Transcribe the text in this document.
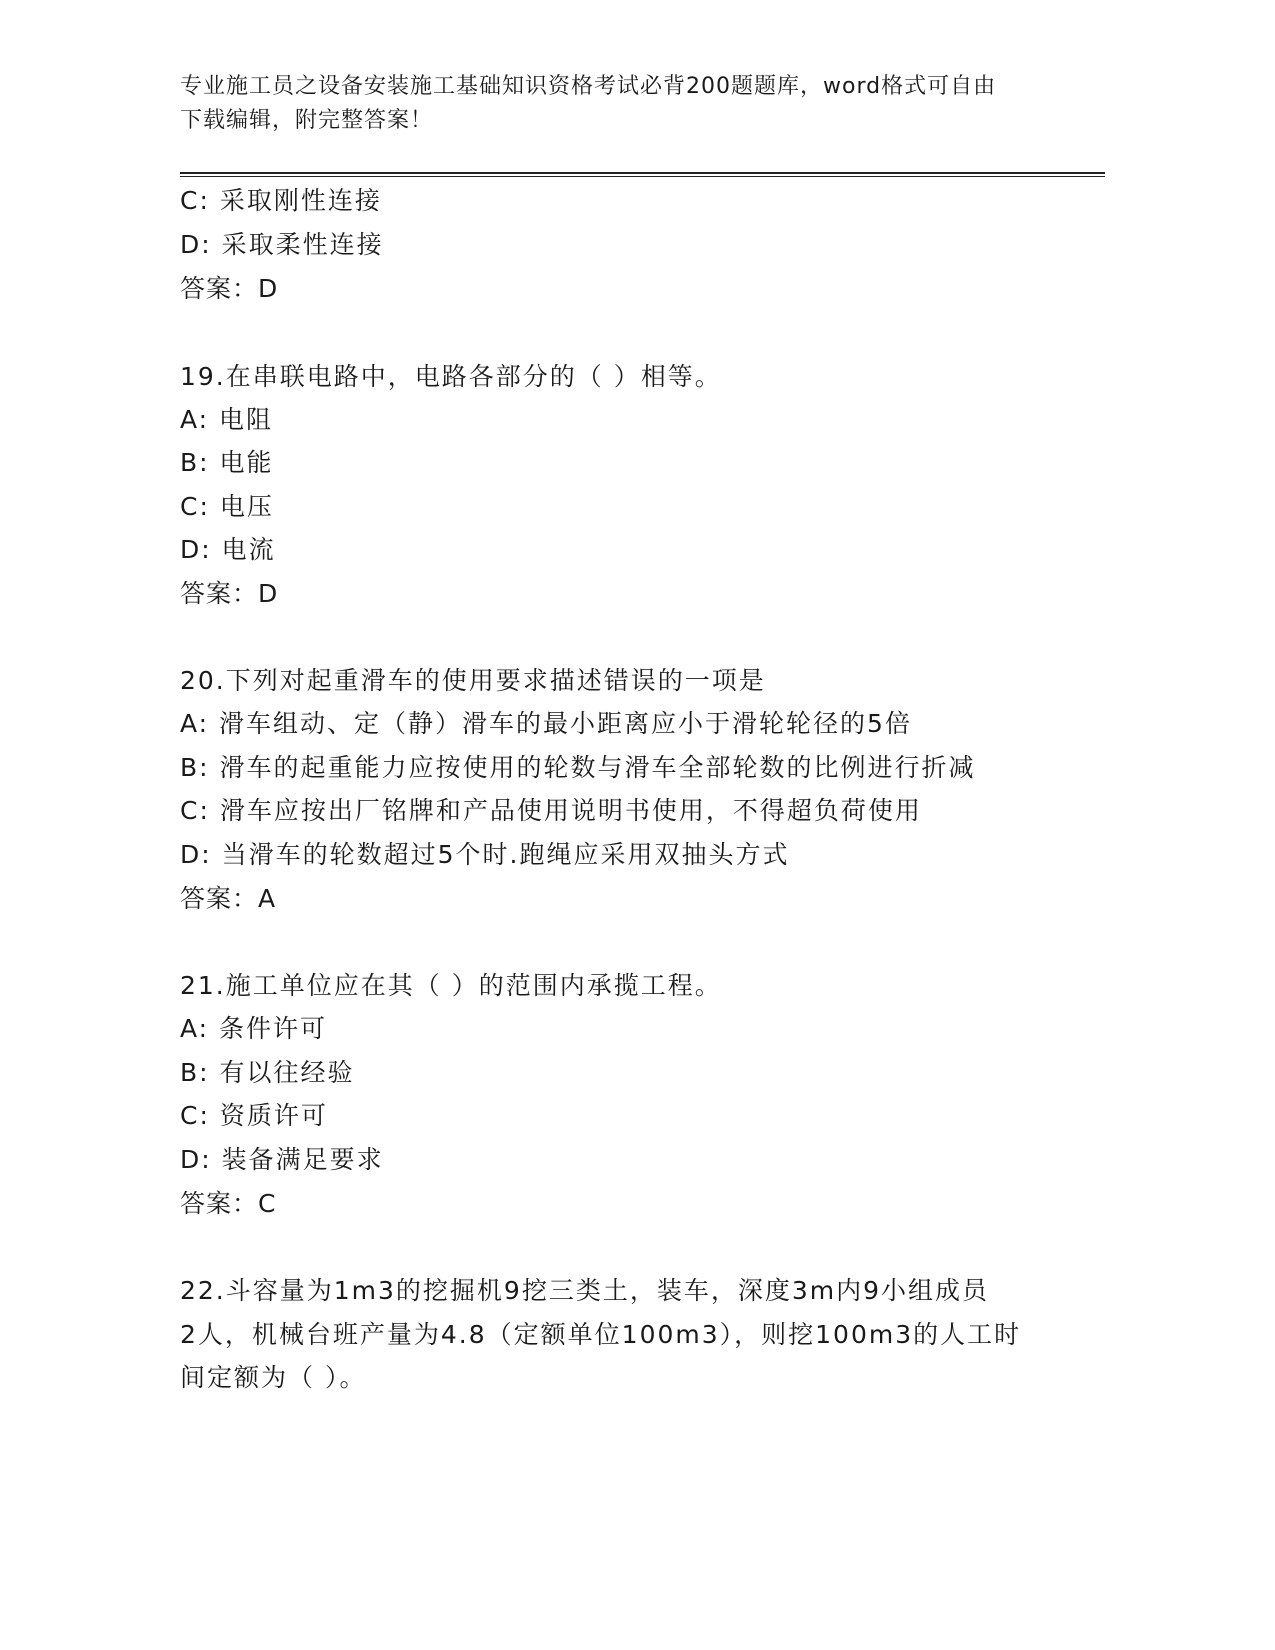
专业施工员之设备安装施工基础知识资格考试必背200题题库，word格式可自由
下载编辑，附完整答案！
C: 采取刚性连接
D: 采取柔性连接
答案：D
19.在串联电路中，电路各部分的（ ）相等。
A: 电阻
B: 电能
C: 电压
D: 电流
答案：D
20.下列对起重滑车的使用要求描述错误的一项是
A: 滑车组动、定（静）滑车的最小距离应小于滑轮轮径的5倍
B: 滑车的起重能力应按使用的轮数与滑车全部轮数的比例进行折减
C: 滑车应按出厂铭牌和产品使用说明书使用，不得超负荷使用
D: 当滑车的轮数超过5个时.跑绳应采用双抽头方式
答案：A
21.施工单位应在其（ ）的范围内承揽工程。
A: 条件许可
B: 有以往经验
C: 资质许可
D: 装备满足要求
答案：C
22.斗容量为1m3的挖掘机9挖三类土，装车，深度3m内9小组成员
2人，机械台班产量为4.8（定额单位100m3），则挖100m3的人工时
间定额为（ ）。
